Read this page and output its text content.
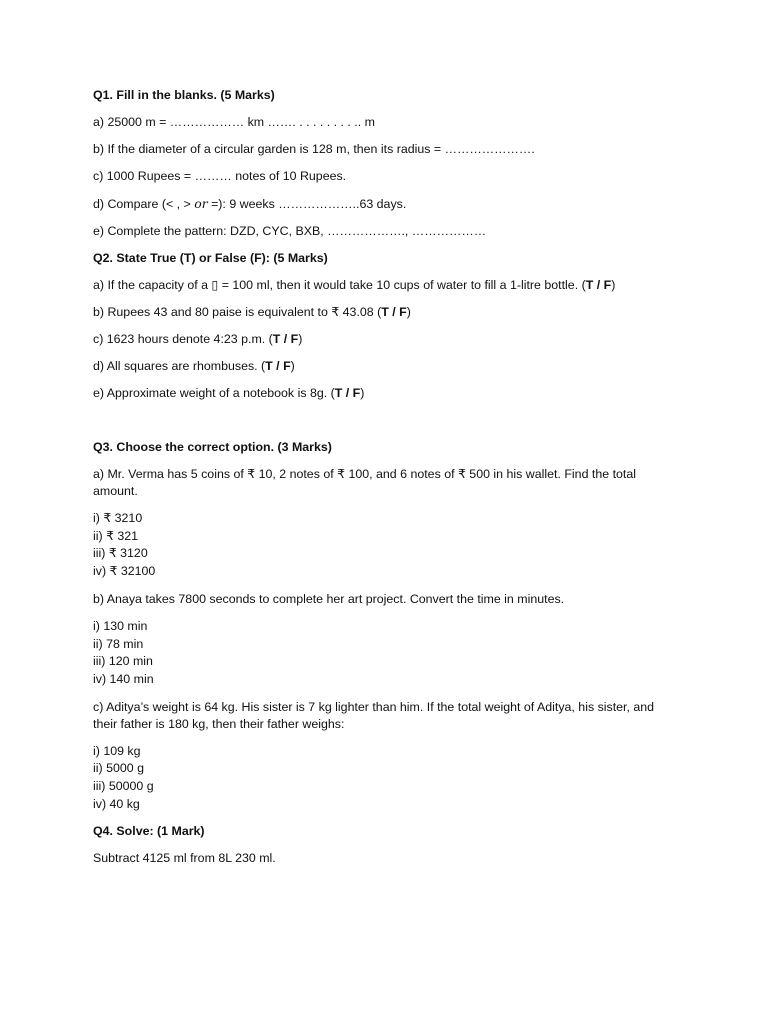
Q1. Fill in the blanks. (5 Marks)

a) 25000 m = ……………… km ……. . . . . . . . . .. m

b) If the diameter of a circular garden is 128 m, then its radius = ………………….

c) 1000 Rupees = ……… notes of 10 Rupees.

d) Compare (< , > or =): 9 weeks ………………..63 days.

e) Complete the pattern: DZD, CYC, BXB, ………………., ………………

Q2. State True (T) or False (F): (5 Marks)

a) If the capacity of a ▯ = 100 ml, then it would take 10 cups of water to fill a 1-litre bottle. (T / F)

b) Rupees 43 and 80 paise is equivalent to ₹ 43.08 (T / F)

c) 1623 hours denote 4:23 p.m. (T / F)

d) All squares are rhombuses. (T / F)

e) Approximate weight of a notebook is 8g. (T / F)

Q3. Choose the correct option. (3 Marks)

a) Mr. Verma has 5 coins of ₹ 10, 2 notes of ₹ 100, and 6 notes of ₹ 500 in his wallet. Find the total amount.

i) ₹ 3210
ii) ₹ 321
iii) ₹ 3120
iv) ₹ 32100

b) Anaya takes 7800 seconds to complete her art project. Convert the time in minutes.

i) 130 min
ii) 78 min
iii) 120 min
iv) 140 min

c) Aditya’s weight is 64 kg. His sister is 7 kg lighter than him. If the total weight of Aditya, his sister, and their father is 180 kg, then their father weighs:

i) 109 kg
ii) 5000 g
iii) 50000 g
iv) 40 kg

Q4. Solve: (1 Mark)

Subtract 4125 ml from 8L 230 ml.
